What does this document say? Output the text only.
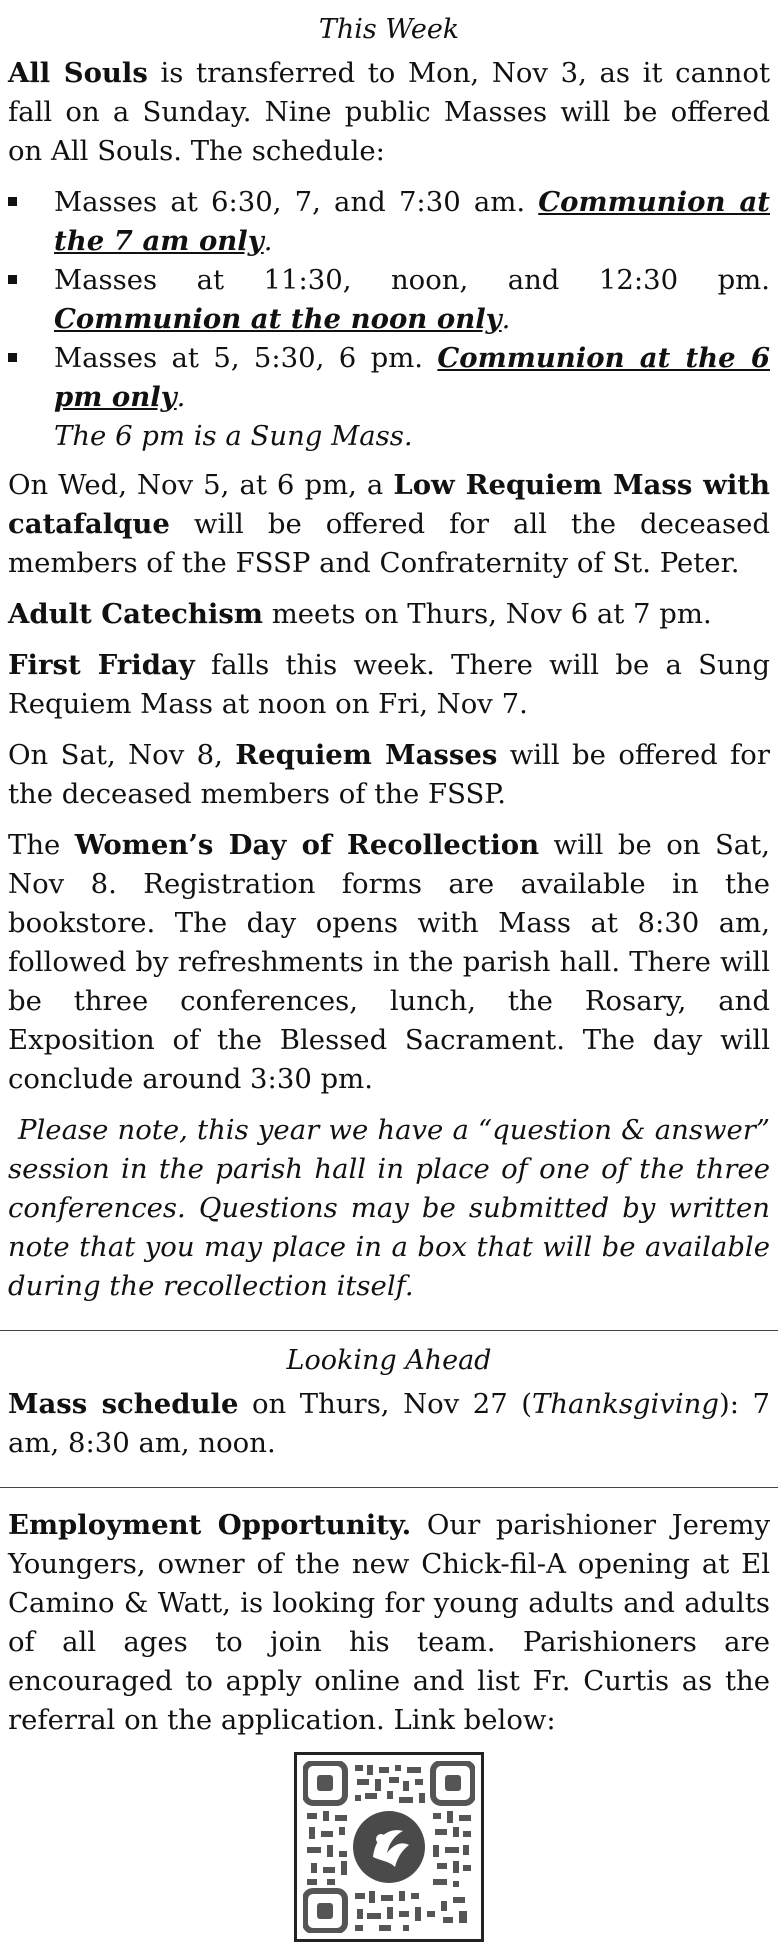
This Week

All Souls is transferred to Mon, Nov 3, as it cannot fall on a Sunday. Nine public Masses will be offered on All Souls. The schedule:

Masses at 6:30, 7, and 7:30 am. Communion at the 7 am only.
Masses at 11:30, noon, and 12:30 pm. Communion at the noon only.
Masses at 5, 5:30, 6 pm. Communion at the 6 pm only.
The 6 pm is a Sung Mass.

On Wed, Nov 5, at 6 pm, a Low Requiem Mass with catafalque will be offered for all the deceased members of the FSSP and Confraternity of St. Peter.

Adult Catechism meets on Thurs, Nov 6 at 7 pm.

First Friday falls this week. There will be a Sung Requiem Mass at noon on Fri, Nov 7.

On Sat, Nov 8, Requiem Masses will be offered for the deceased members of the FSSP.

The Women’s Day of Recollection will be on Sat, Nov 8. Registration forms are available in the bookstore. The day opens with Mass at 8:30 am, followed by refreshments in the parish hall. There will be three conferences, lunch, the Rosary, and Exposition of the Blessed Sacrament. The day will conclude around 3:30 pm.

Please note, this year we have a “question & answer” session in the parish hall in place of one of the three conferences. Questions may be submitted by written note that you may place in a box that will be available during the recollection itself.

Looking Ahead

Mass schedule on Thurs, Nov 27 (Thanksgiving): 7 am, 8:30 am, noon.

Employment Opportunity. Our parishioner Jeremy Youngers, owner of the new Chick-fil-A opening at El Camino & Watt, is looking for young adults and adults of all ages to join his team. Parishioners are encouraged to apply online and list Fr. Curtis as the referral on the application. Link below:
